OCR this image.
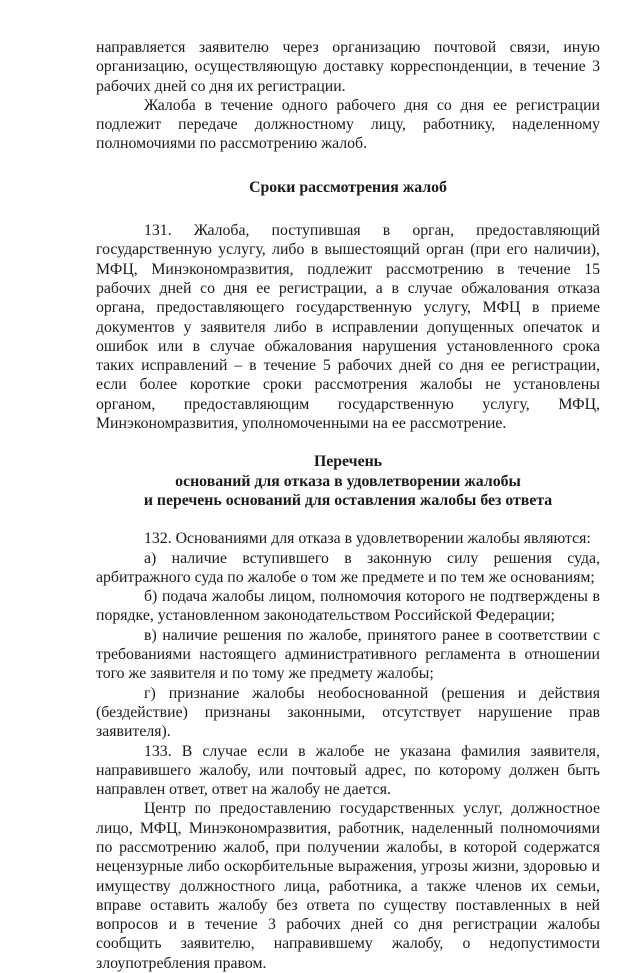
направляется заявителю через организацию почтовой связи, иную организацию, осуществляющую доставку корреспонденции, в течение 3 рабочих дней со дня их регистрации.

Жалоба в течение одного рабочего дня со дня ее регистрации подлежит передаче должностному лицу, работнику, наделенному полномочиями по рассмотрению жалоб.

Сроки рассмотрения жалоб

131. Жалоба, поступившая в орган, предоставляющий государственную услугу, либо в вышестоящий орган (при его наличии), МФЦ, Минэкономразвития, подлежит рассмотрению в течение 15 рабочих дней со дня ее регистрации, а в случае обжалования отказа органа, предоставляющего государственную услугу, МФЦ в приеме документов у заявителя либо в исправлении допущенных опечаток и ошибок или в случае обжалования нарушения установленного срока таких исправлений – в течение 5 рабочих дней со дня ее регистрации, если более короткие сроки рассмотрения жалобы не установлены органом, предоставляющим государственную услугу, МФЦ, Минэкономразвития, уполномоченными на ее рассмотрение.

Перечень
оснований для отказа в удовлетворении жалобы
и перечень оснований для оставления жалобы без ответа

132. Основаниями для отказа в удовлетворении жалобы являются:

а) наличие вступившего в законную силу решения суда, арбитражного суда по жалобе о том же предмете и по тем же основаниям;

б) подача жалобы лицом, полномочия которого не подтверждены в порядке, установленном законодательством Российской Федерации;

в) наличие решения по жалобе, принятого ранее в соответствии с требованиями настоящего административного регламента в отношении того же заявителя и по тому же предмету жалобы;

г) признание жалобы необоснованной (решения и действия (бездействие) признаны законными, отсутствует нарушение прав заявителя).

133. В случае если в жалобе не указана фамилия заявителя, направившего жалобу, или почтовый адрес, по которому должен быть направлен ответ, ответ на жалобу не дается.

Центр по предоставлению государственных услуг, должностное лицо, МФЦ, Минэкономразвития, работник, наделенный полномочиями по рассмотрению жалоб, при получении жалобы, в которой содержатся нецензурные либо оскорбительные выражения, угрозы жизни, здоровью и имуществу должностного лица, работника, а также членов их семьи, вправе оставить жалобу без ответа по существу поставленных в ней вопросов и в течение 3 рабочих дней со дня регистрации жалобы сообщить заявителю, направившему жалобу, о недопустимости злоупотребления правом.
